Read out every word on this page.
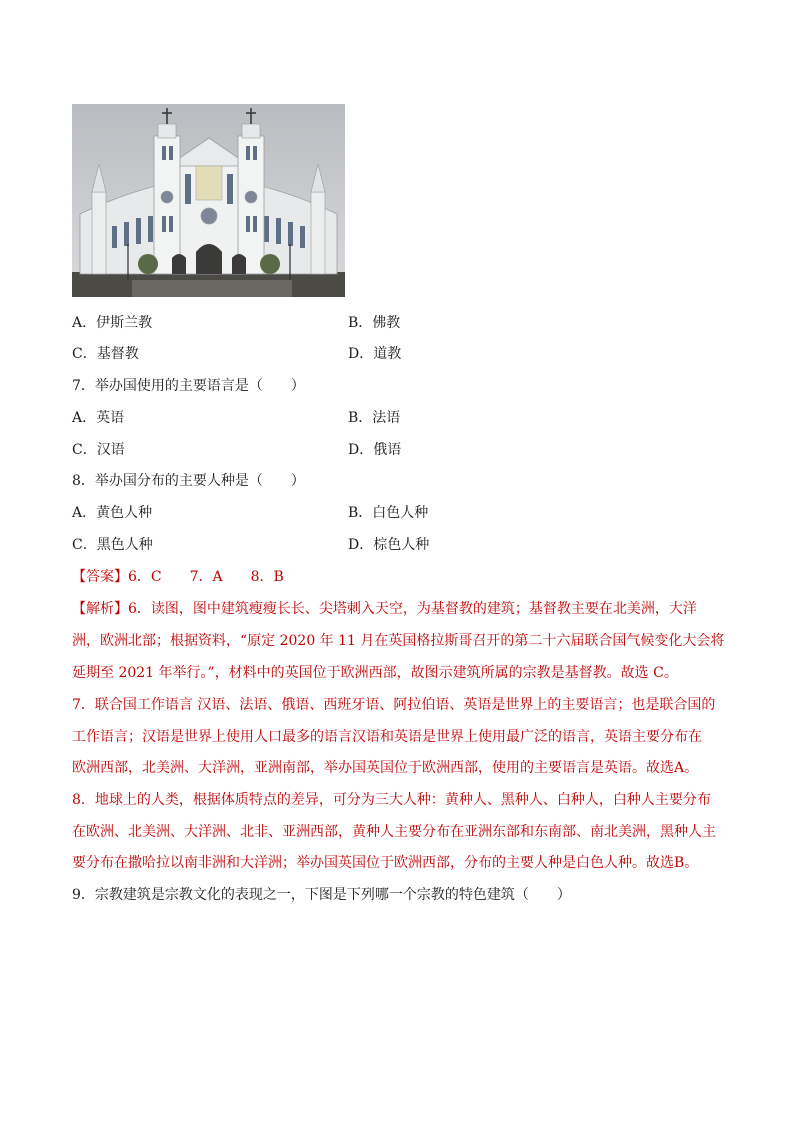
A．伊斯兰教	B．佛教
C．基督教	D．道教
7．举办国使用的主要语言是（　　）
A．英语	B．法语
C．汉语	D．俄语
8．举办国分布的主要人种是（　　）
A．黄色人种	B．白色人种
C．黑色人种	D．棕色人种
【答案】6．C　　7．A　　8．B
【解析】6．读图，图中建筑瘦瘦长长、尖塔刺入天空，为基督教的建筑；基督教主要在北美洲，大洋
洲，欧洲北部；根据资料，“原定 2020 年 11 月在英国格拉斯哥召开的第二十六届联合国气候变化大会将
延期至 2021 年举行。”，材料中的英国位于欧洲西部，故图示建筑所属的宗教是基督教。故选 C。
7．联合国工作语言 汉语、法语、俄语、西班牙语、阿拉伯语、英语是世界上的主要语言；也是联合国的
工作语言；汉语是世界上使用人口最多的语言汉语和英语是世界上使用最广泛的语言，英语主要分布在
欧洲西部，北美洲、大洋洲，亚洲南部，举办国英国位于欧洲西部，使用的主要语言是英语。故选A。
8．地球上的人类，根据体质特点的差异，可分为三大人种：黄种人、黑种人、白种人，白种人主要分布
在欧洲、北美洲、大洋洲、北非、亚洲西部，黄种人主要分布在亚洲东部和东南部、南北美洲，黑种人主
要分布在撒哈拉以南非洲和大洋洲；举办国英国位于欧洲西部，分布的主要人种是白色人种。故选B。
9．宗教建筑是宗教文化的表现之一，下图是下列哪一个宗教的特色建筑（　　）
